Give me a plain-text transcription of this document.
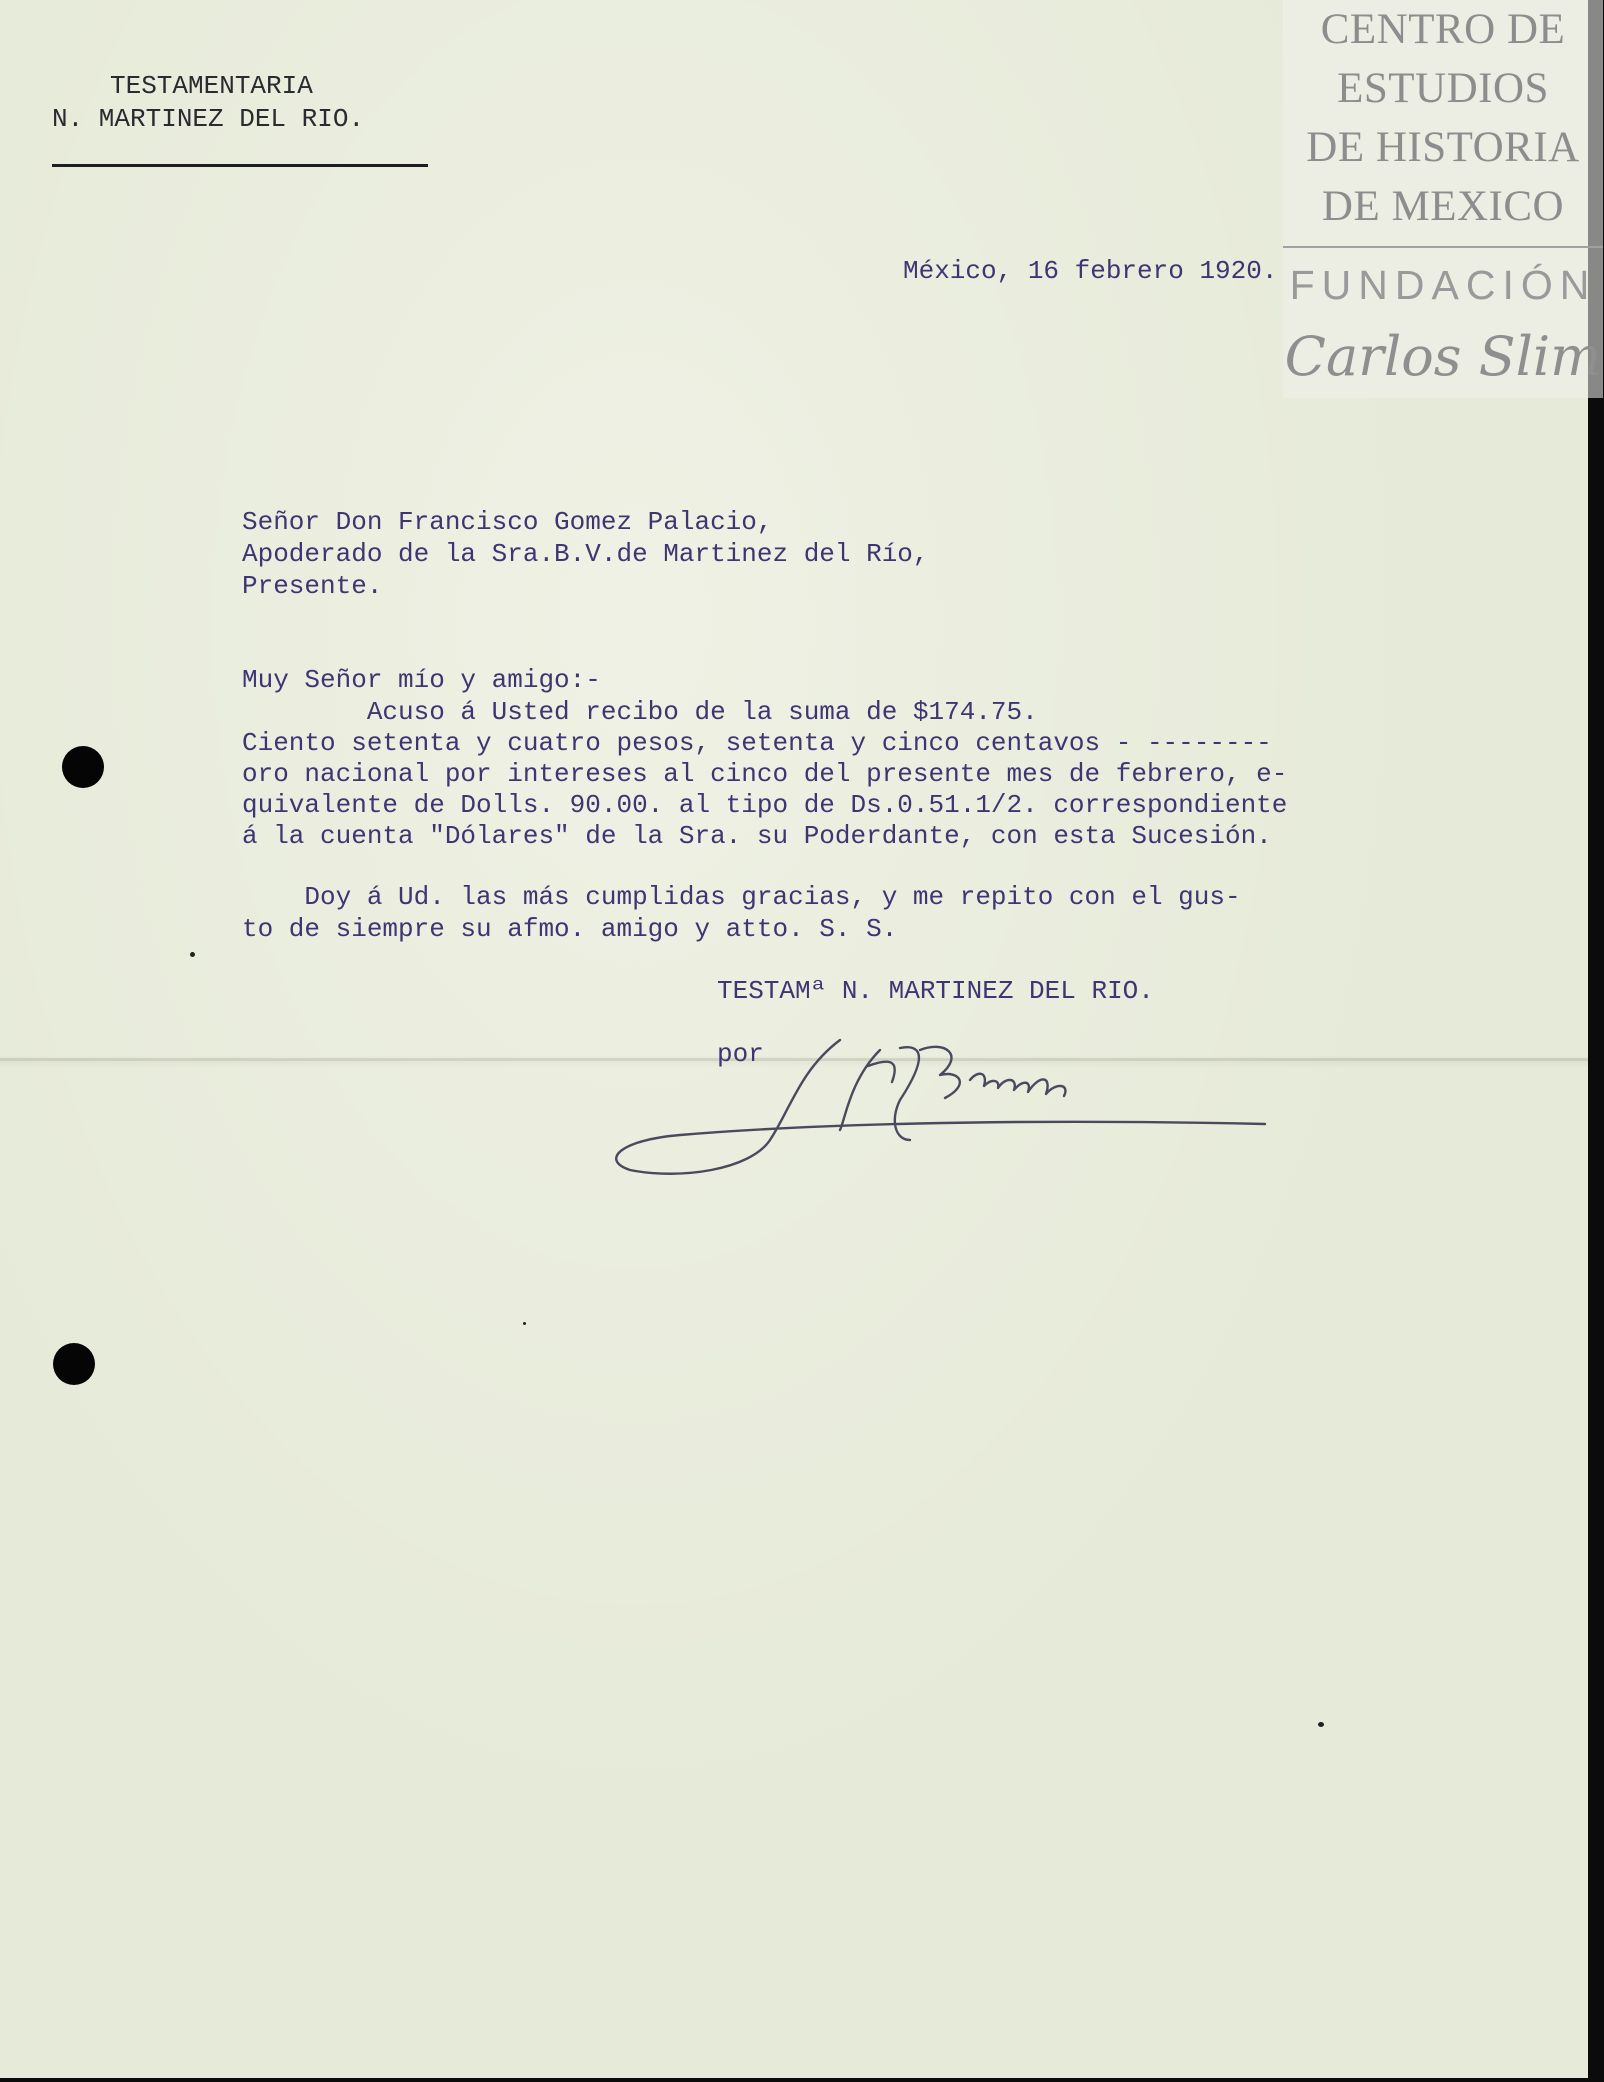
TESTAMENTARIA

N. MARTINEZ DEL RIO.

México, 16 febrero 1920.

Señor Don Francisco Gomez Palacio,

Apoderado de la Sra.B.V.de Martinez del Río,

Presente.

Muy Señor mío y amigo:-

Acuso á Usted recibo de la suma de $174.75.

Ciento setenta y cuatro pesos, setenta y cinco centavos - --------

oro nacional por intereses al cinco del presente mes de febrero, e-

quivalente de Dolls. 90.00. al tipo de Ds.0.51.1/2. correspondiente

á la cuenta "Dólares" de la Sra. su Poderdante, con esta Sucesión.

Doy á Ud. las más cumplidas gracias, y me repito con el gus-

to de siempre su afmo. amigo y atto. S. S.

TESTAMª N. MARTINEZ DEL RIO.

por

CENTRO DE
ESTUDIOS
DE HISTORIA
DE MEXICO
FUNDACIÓN
Carlos Slim
